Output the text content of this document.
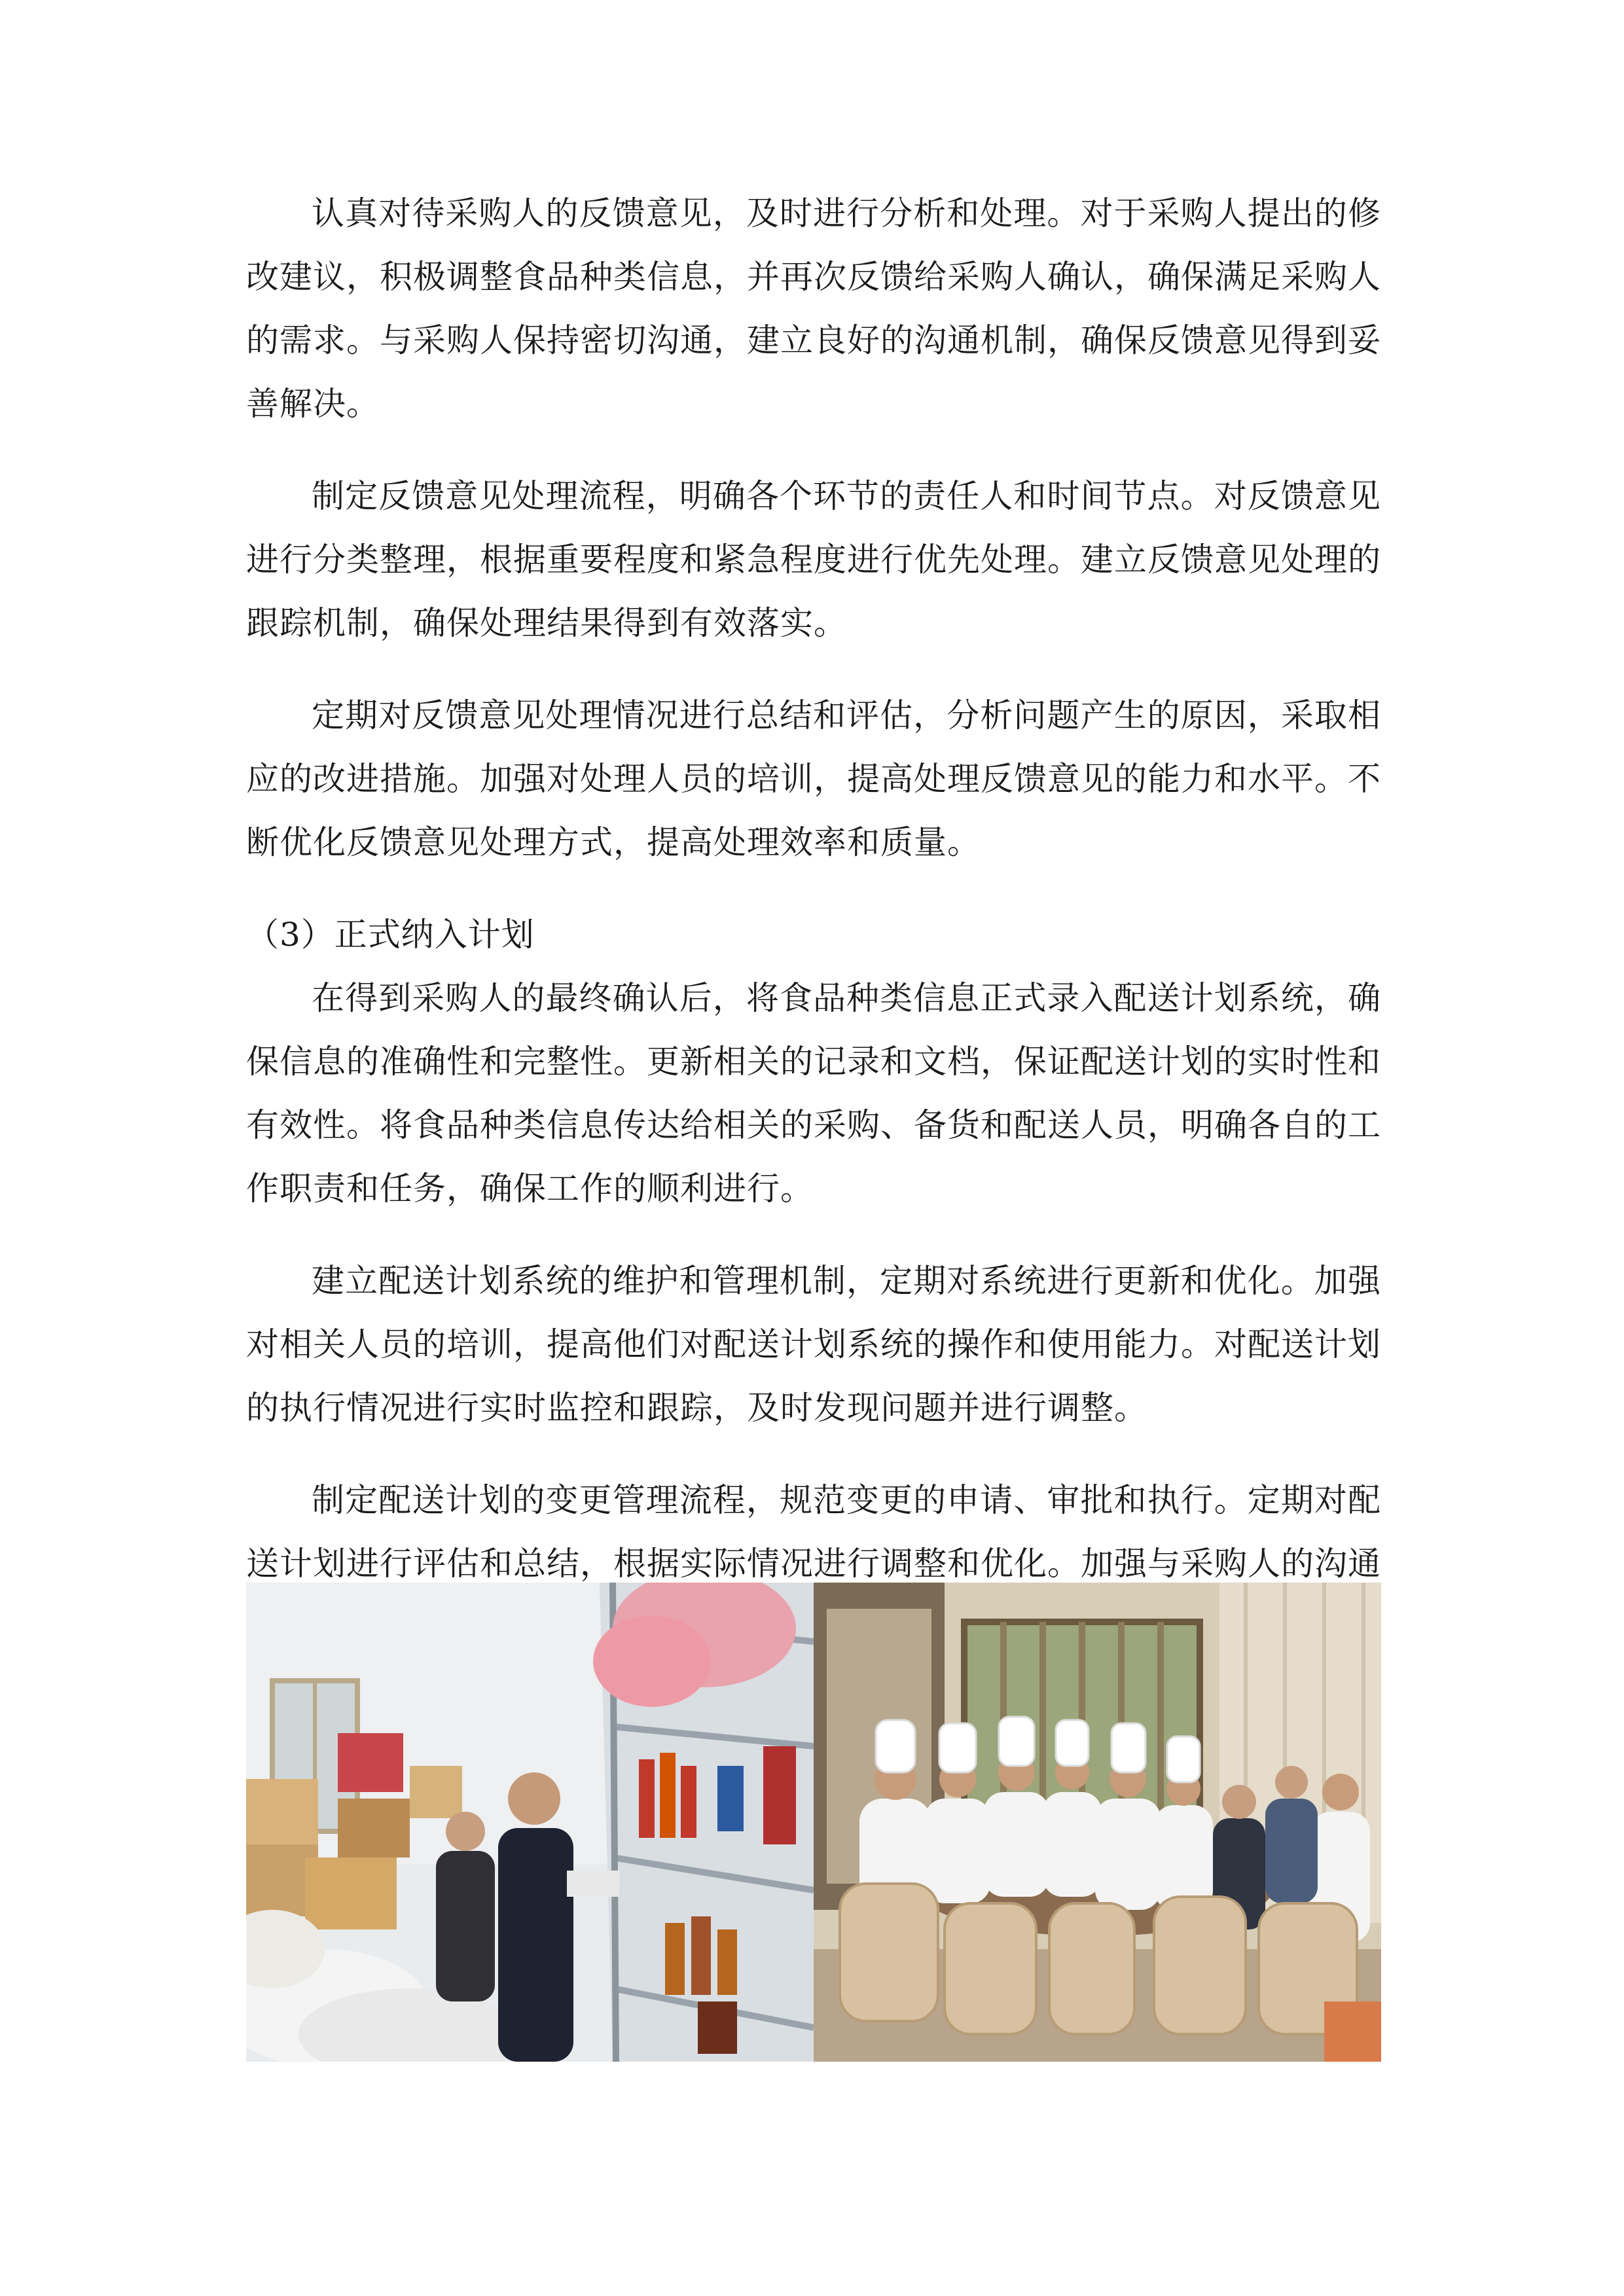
认真对待采购人的反馈意见，及时进行分析和处理。对于采购人提出的修改建议，积极调整食品种类信息，并再次反馈给采购人确认，确保满足采购人的需求。与采购人保持密切沟通，建立良好的沟通机制，确保反馈意见得到妥善解决。

制定反馈意见处理流程，明确各个环节的责任人和时间节点。对反馈意见进行分类整理，根据重要程度和紧急程度进行优先处理。建立反馈意见处理的跟踪机制，确保处理结果得到有效落实。

定期对反馈意见处理情况进行总结和评估，分析问题产生的原因，采取相应的改进措施。加强对处理人员的培训，提高处理反馈意见的能力和水平。不断优化反馈意见处理方式，提高处理效率和质量。

（3）正式纳入计划

在得到采购人的最终确认后，将食品种类信息正式录入配送计划系统，确保信息的准确性和完整性。更新相关的记录和文档，保证配送计划的实时性和有效性。将食品种类信息传达给相关的采购、备货和配送人员，明确各自的工作职责和任务，确保工作的顺利进行。

建立配送计划系统的维护和管理机制，定期对系统进行更新和优化。加强对相关人员的培训，提高他们对配送计划系统的操作和使用能力。对配送计划的执行情况进行实时监控和跟踪，及时发现问题并进行调整。

制定配送计划的变更管理流程，规范变更的申请、审批和执行。定期对配送计划进行评估和总结，根据实际情况进行调整和优化。加强与采购人的沟通
